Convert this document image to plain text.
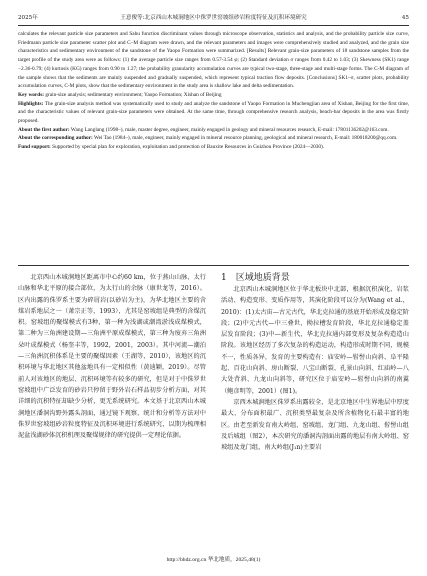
2025年	王意俊等:北京西山木城涧地区中侏罗世窑坡组砂岩粒度特征及沉积环境研究	45

calculates the relevant particle size parameters and Sahu function discriminant values through microscope observation, statistics and analysis, and the probability particle size curve, Friedmann particle size parameter scatter plot and C–M diagram were drawn, and the relevant parameters and images were comprehensively studied and analyzed, and the grain size characteristics and sedimentary environment of the sandstone of the Yaopo Formation were summarized. [Results] Relevant grain-size parameters of 18 sandstone samples from the target profile of the study area were as follows: (1) the average particle size ranges from 0.57-3.54 φ; (2) Standard deviation σ ranges from 0.42 to 1.03; (3) Skewness (SK1) range −2.36-0.79; (4) kurtosis (KG) ranges from 0.90 to 1.27; the probability granularity accumulation curves are typical two-stage, three-stage and multi-stage forms. The C-M diagram of the sample shows that the sediments are mainly suspended and gradually suspended, which represent typical traction flow deposits. [Conclusions] SK1–σ, scatter plots, probability accumulation curves, C-M plots, show that the sedimentary environment in the study area is shallow lake and delta sedimentation.

Key words: grain-size analysis; sedimentary environment; Yaopo Formation; Xishan of Beijing

Highlights: The grain-size analysis method was systematically used to study and analyze the sandstone of Yaopo Formation in Muchengjian area of Xishan, Beijing for the first time, and the characteristic values of relevant grain-size parameters were obtained. At the same time, through comprehensive research analysis, beach-bar deposits in the area was firstly proposed.

About the first author: Wang Langlang (1998–), male, master degree, engineer, mainly engaged in geology and mineral resources research, E-mail: 17801136202@163.com.

About the corresponding author: Wei Tao (1984–), male, engineer, mainly engaged in mineral resource planning, geological and mineral research, E-mail: 180018200@qq.com.

Fund support: Supported by special plan for exploration, exploitation and protection of Bauxite Resources in Guizhou Province (2024—2030).

北京西山木城涧地区距离市中心约60 km，位于燕山山脉、太行山脉和华北平原的接合部位，为太行山的余脉（康世龙等，2016）。区内出露的侏罗系主要为碎屑岩(以砂岩为主)，为华北地区主要的含煤岩系地层之一（萧宗正等，1993），尤其是窑坡组是典型的含煤沉积。窑坡组的聚煤模式有3种，第一种为浅湖或潮湾淤浅成煤模式，第二种为三角洲建设期—三角洲平原成煤模式，第三种为废弃三角洲朵叶成煤模式（杨奎丰等，1992，2001，2003）。其中河流—潮泊—三角洲沉积体系是主要的聚煤因素（王湖等，2010），该地区的沉积环境与华北地区其他盆地具有一定相似性（黄迪颖，2019）。尽管前人对该地区的地层、沉积环境等有较多的研究，但是对于中侏罗世窑坡组中广泛发育的砂岩只停留于野外岩石样品初步分析方面，对其详细的沉积特征却缺少分析，更无系统研究。本文基于北京西山木城涧地区潘洞沟野外露头剖面，通过镜下观察、统计和分析等方法对中侏罗世窑坡组砂岩粒度特征及沉积环境进行系统研究，以期为梳理相泥盆浅湖砂体沉积机理及聚煤规律的研究提供一定理论依据。

1　区域地质背景

北京西山木城涧地区位于华北板块中北部，根据沉积演化、岩浆活动、构造变形、变质作用等，其演化阶段可以分为(Wang et al.，2010)：(1)太古宙—古元古代，华北克拉通的基底开始形成及稳定阶段；(2)中元古代—中三叠世，拗拉槽发育阶段，华北克拉通稳定盖层发育阶段；(3)中—新生代，华北克拉通内部变形及复杂构造造山阶段。该地区经历了多次复杂的构造运动，构造形成时期不同，规模不一，性质各异，发育的主要构造有：庙安岭—髫髻山向斜、阜平隆起、百花山向斜、房山断裂、八宝山断裂、孔景山向斜、红庙岭—八大处背斜、九龙山向斜等，研究区位于庙安岭—髫髻山向斜的南翼（鲍彦明等，2001）(图1)。

京西木城涧地区侏罗系出露较全，是北京地区中生界地层中厚度最大、分布面积最广、沉积类型最复杂及所含植物化石最丰富的地区。由老至新发育南大岭组、窑坡组、龙门组、九龙山组、髫髻山组及后城组（图2），本次研究的潘洞沟剖面出露的地层有南大岭组、窑坡组及龙门组，南大岭组(J₁n)主要岩

http://bhdz.org.cn 华北地质，2025,48(1)
